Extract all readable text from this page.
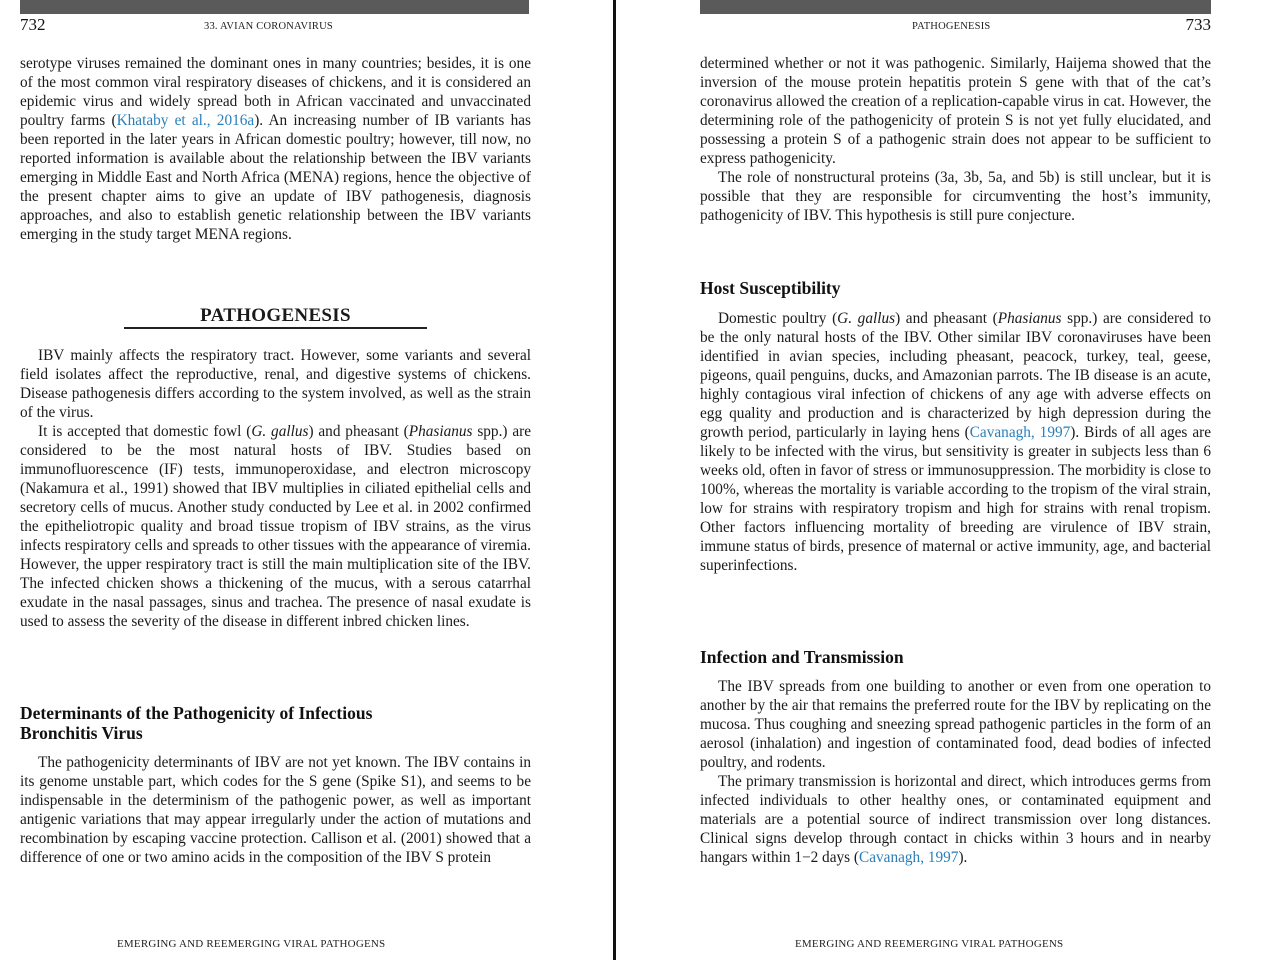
732	33. AVIAN CORONAVIRUS

serotype viruses remained the dominant ones in many countries; besides, it is one of the most common viral respiratory diseases of chickens, and it is considered an epidemic virus and widely spread both in African vaccinated and unvaccinated poultry farms (Khataby et al., 2016a). An increasing number of IB variants has been reported in the later years in African domestic poultry; however, till now, no reported information is available about the relationship between the IBV variants emerging in Middle East and North Africa (MENA) regions, hence the objective of the present chapter aims to give an update of IBV pathogenesis, diagnosis approaches, and also to establish genetic relationship between the IBV variants emerging in the study target MENA regions.

PATHOGENESIS

IBV mainly affects the respiratory tract. However, some variants and several field isolates affect the reproductive, renal, and digestive systems of chickens. Disease pathogenesis differs according to the system involved, as well as the strain of the virus.

It is accepted that domestic fowl (G. gallus) and pheasant (Phasianus spp.) are considered to be the most natural hosts of IBV. Studies based on immunofluorescence (IF) tests, immunoperoxidase, and electron microscopy (Nakamura et al., 1991) showed that IBV multiplies in ciliated epithelial cells and secretory cells of mucus. Another study conducted by Lee et al. in 2002 confirmed the epitheliotropic quality and broad tissue tropism of IBV strains, as the virus infects respiratory cells and spreads to other tissues with the appearance of viremia. However, the upper respiratory tract is still the main multiplication site of the IBV. The infected chicken shows a thickening of the mucus, with a serous catarrhal exudate in the nasal passages, sinus and trachea. The presence of nasal exudate is used to assess the severity of the disease in different inbred chicken lines.

Determinants of the Pathogenicity of Infectious
Bronchitis Virus

The pathogenicity determinants of IBV are not yet known. The IBV contains in its genome unstable part, which codes for the S gene (Spike S1), and seems to be indispensable in the determinism of the pathogenic power, as well as important antigenic variations that may appear irregularly under the action of mutations and recombination by escaping vaccine protection. Callison et al. (2001) showed that a difference of one or two amino acids in the composition of the IBV S protein

EMERGING AND REEMERGING VIRAL PATHOGENS
PATHOGENESIS	733

determined whether or not it was pathogenic. Similarly, Haijema showed that the inversion of the mouse protein hepatitis protein S gene with that of the cat’s coronavirus allowed the creation of a replication-capable virus in cat. However, the determining role of the pathogenicity of protein S is not yet fully elucidated, and possessing a protein S of a pathogenic strain does not appear to be sufficient to express pathogenicity.

The role of nonstructural proteins (3a, 3b, 5a, and 5b) is still unclear, but it is possible that they are responsible for circumventing the host’s immunity, pathogenicity of IBV. This hypothesis is still pure conjecture.

Host Susceptibility

Domestic poultry (G. gallus) and pheasant (Phasianus spp.) are considered to be the only natural hosts of the IBV. Other similar IBV coronaviruses have been identified in avian species, including pheasant, peacock, turkey, teal, geese, pigeons, quail penguins, ducks, and Amazonian parrots. The IB disease is an acute, highly contagious viral infection of chickens of any age with adverse effects on egg quality and production and is characterized by high depression during the growth period, particularly in laying hens (Cavanagh, 1997). Birds of all ages are likely to be infected with the virus, but sensitivity is greater in subjects less than 6 weeks old, often in favor of stress or immunosuppression. The morbidity is close to 100%, whereas the mortality is variable according to the tropism of the viral strain, low for strains with respiratory tropism and high for strains with renal tropism. Other factors influencing mortality of breeding are virulence of IBV strain, immune status of birds, presence of maternal or active immunity, age, and bacterial superinfections.

Infection and Transmission

The IBV spreads from one building to another or even from one operation to another by the air that remains the preferred route for the IBV by replicating on the mucosa. Thus coughing and sneezing spread pathogenic particles in the form of an aerosol (inhalation) and ingestion of contaminated food, dead bodies of infected poultry, and rodents.

The primary transmission is horizontal and direct, which introduces germs from infected individuals to other healthy ones, or contaminated equipment and materials are a potential source of indirect transmission over long distances. Clinical signs develop through contact in chicks within 3 hours and in nearby hangars within 1−2 days (Cavanagh, 1997).

EMERGING AND REEMERGING VIRAL PATHOGENS
